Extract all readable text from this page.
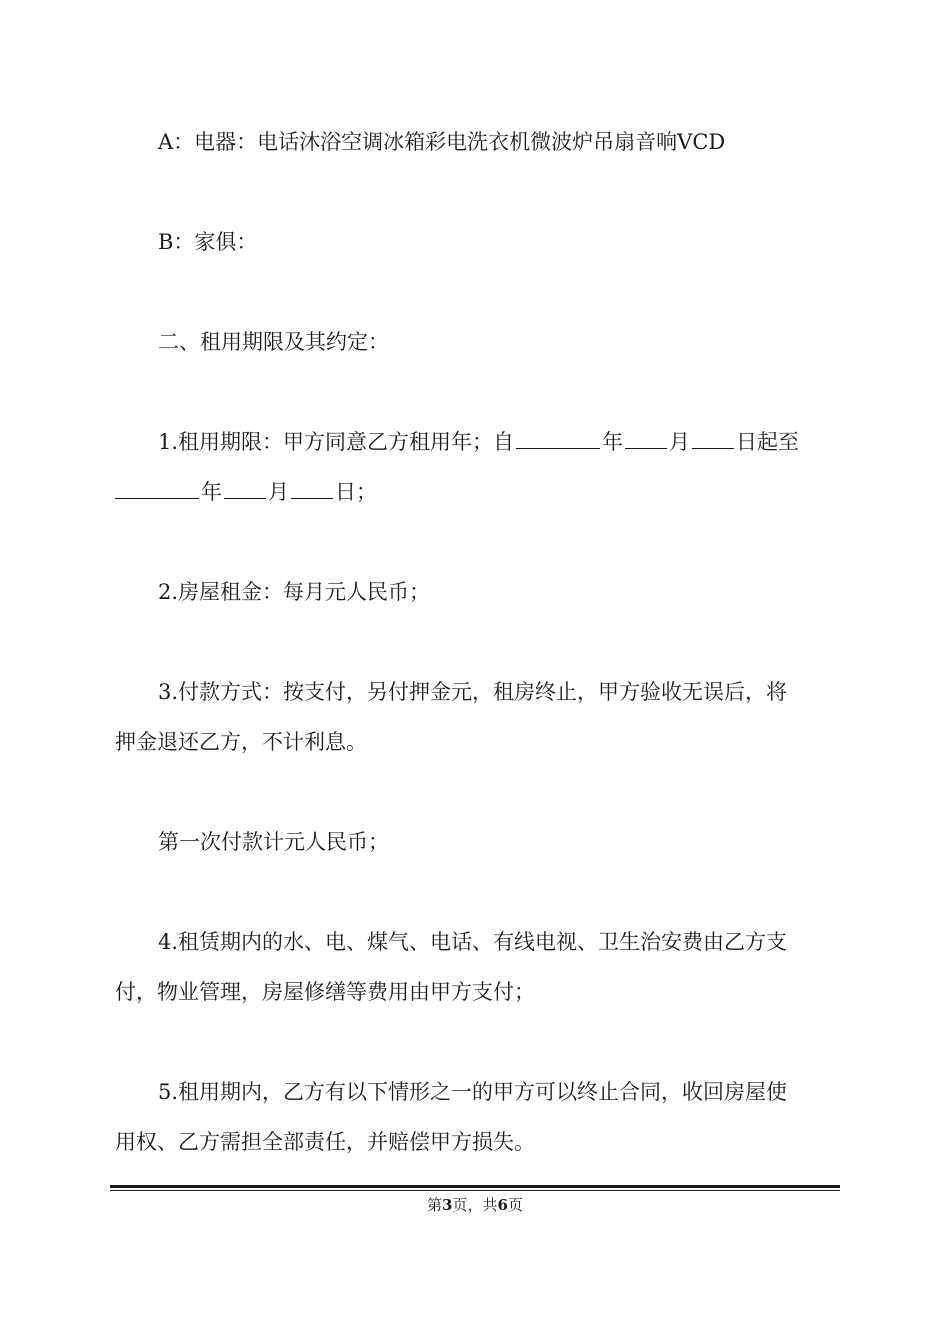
A：电器：电话沐浴空调冰箱彩电洗衣机微波炉吊扇音响VCD
B：家俱：
二、租用期限及其约定：
1.租用期限：甲方同意乙方租用年；自	年 月 日起至
年 月 日；
2.房屋租金：每月元人民币；
3.付款方式：按支付，另付押金元，租房终止，甲方验收无误后，将
押金退还乙方，不计利息。
第一次付款计元人民币；
4.租赁期内的水、电、煤气、电话、有线电视、卫生治安费由乙方支
付，物业管理，房屋修缮等费用由甲方支付；
5.租用期内，乙方有以下情形之一的甲方可以终止合同，收回房屋使
用权、乙方需担全部责任，并赔偿甲方损失。
第3页，共6页
